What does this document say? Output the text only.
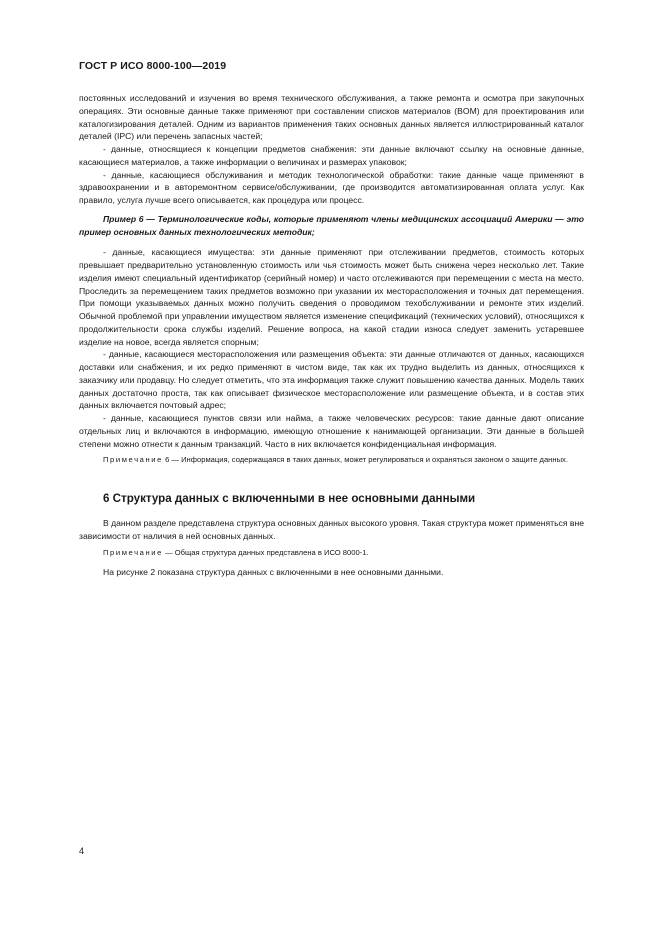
ГОСТ Р ИСО 8000-100—2019

постоянных исследований и изучения во время технического обслуживания, а также ремонта и осмотра при закупочных операциях. Эти основные данные также применяют при составлении списков материалов (BOM) для проектирования или каталогизирования деталей. Одним из вариантов применения таких основных данных является иллюстрированный каталог деталей (IPC) или перечень запасных частей;

- данные, относящиеся к концепции предметов снабжения: эти данные включают ссылку на основные данные, касающиеся материалов, а также информации о величинах и размерах упаковок;

- данные, касающиеся обслуживания и методик технологической обработки: такие данные чаще применяют в здравоохранении и в авторемонтном сервисе/обслуживании, где производится автоматизированная оплата услуг. Как правило, услуга лучше всего описывается, как процедура или процесс.

Пример 6 — Терминологические коды, которые применяют члены медицинских ассоциаций Америки — это пример основных данных технологических методик;

- данные, касающиеся имущества: эти данные применяют при отслеживании предметов, стоимость которых превышает предварительно установленную стоимость или чья стоимость может быть снижена через несколько лет. Такие изделия имеют специальный идентификатор (серийный номер) и часто отслеживаются при перемещении с места на место. Проследить за перемещением таких предметов возможно при указании их месторасположения и точных дат перемещения. При помощи указываемых данных можно получить сведения о проводимом техобслуживании и ремонте этих изделий. Обычной проблемой при управлении имуществом является изменение спецификаций (технических условий), относящихся к продолжительности срока службы изделий. Решение вопроса, на какой стадии износа следует заменить устаревшее изделие на новое, всегда является спорным;

- данные, касающиеся месторасположения или размещения объекта: эти данные отличаются от данных, касающихся доставки или снабжения, и их редко применяют в чистом виде, так как их трудно выделить из данных, относящихся к заказчику или продавцу. Но следует отметить, что эта информация также служит повышению качества данных. Модель таких данных достаточно проста, так как описывает физическое месторасположение или размещение объекта, и в состав этих данных включается почтовый адрес;

- данные, касающиеся пунктов связи или найма, а также человеческих ресурсов: такие данные дают описание отдельных лиц и включаются в информацию, имеющую отношение к нанимающей организации. Эти данные в большей степени можно отнести к данным транзакций. Часто в них включается конфиденциальная информация.

Примечание 6 — Информация, содержащаяся в таких данных, может регулироваться и охраняться законом о защите данных.

6 Структура данных с включенными в нее основными данными

В данном разделе представлена структура основных данных высокого уровня. Такая структура может применяться вне зависимости от наличия в ней основных данных.

Примечание — Общая структура данных представлена в ИСО 8000-1.

На рисунке 2 показана структура данных с включенными в нее основными данными.

4
